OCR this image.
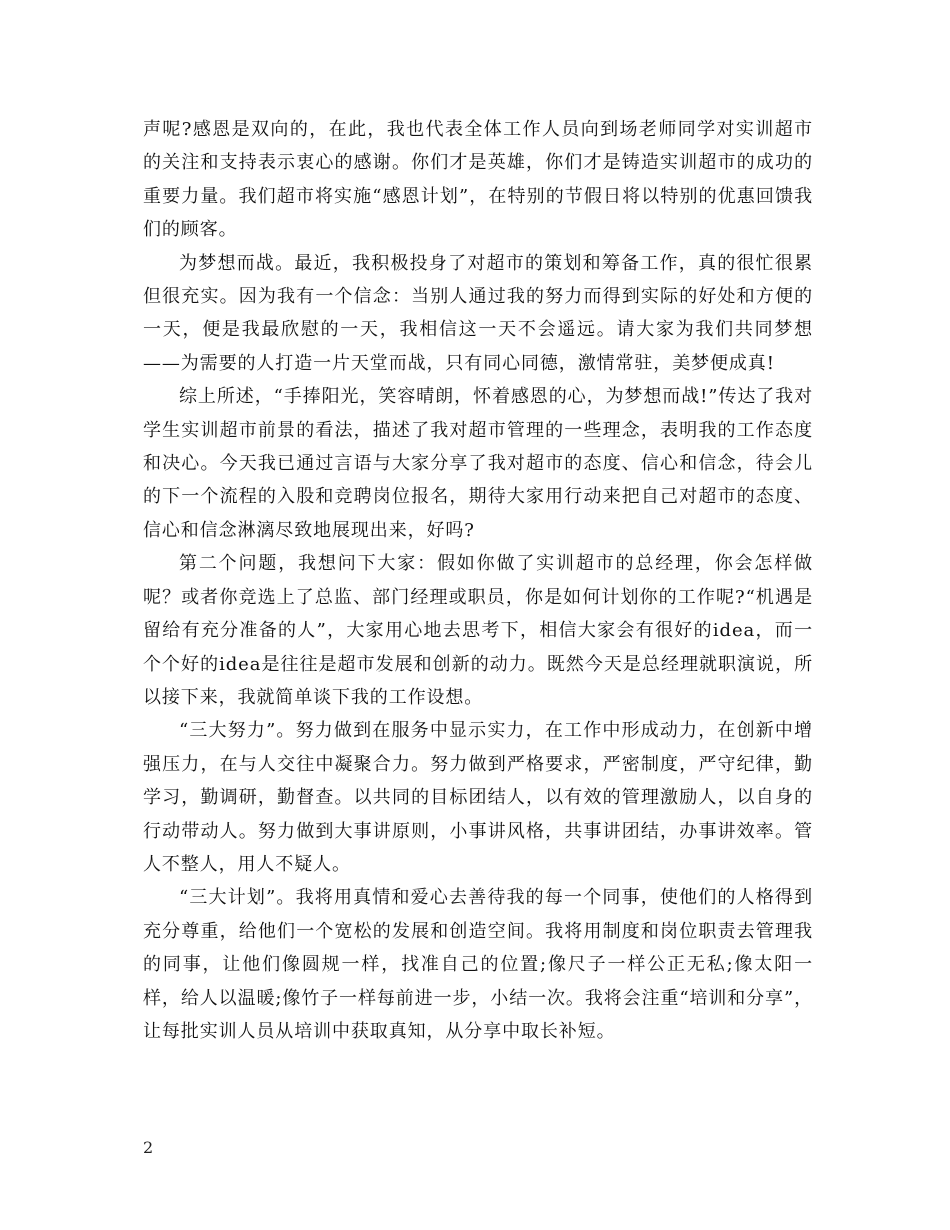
声呢?感恩是双向的，在此，我也代表全体工作人员向到场老师同学对实训超市的关注和支持表示衷心的感谢。你们才是英雄，你们才是铸造实训超市的成功的重要力量。我们超市将实施“感恩计划”，在特别的节假日将以特别的优惠回馈我们的顾客。

为梦想而战。最近，我积极投身了对超市的策划和筹备工作，真的很忙很累但很充实。因为我有一个信念：当别人通过我的努力而得到实际的好处和方便的一天，便是我最欣慰的一天，我相信这一天不会遥远。请大家为我们共同梦想——为需要的人打造一片天堂而战，只有同心同德，激情常驻，美梦便成真!

综上所述，“手捧阳光，笑容晴朗，怀着感恩的心，为梦想而战!”传达了我对学生实训超市前景的看法，描述了我对超市管理的一些理念，表明我的工作态度和决心。今天我已通过言语与大家分享了我对超市的态度、信心和信念，待会儿的下一个流程的入股和竞聘岗位报名，期待大家用行动来把自己对超市的态度、信心和信念淋漓尽致地展现出来，好吗?

第二个问题，我想问下大家：假如你做了实训超市的总经理，你会怎样做呢？或者你竞选上了总监、部门经理或职员，你是如何计划你的工作呢?“机遇是留给有充分准备的人”，大家用心地去思考下，相信大家会有很好的idea，而一个个好的idea是往往是超市发展和创新的动力。既然今天是总经理就职演说，所以接下来，我就简单谈下我的工作设想。

“三大努力”。努力做到在服务中显示实力，在工作中形成动力，在创新中增强压力，在与人交往中凝聚合力。努力做到严格要求，严密制度，严守纪律，勤学习，勤调研，勤督查。以共同的目标团结人，以有效的管理激励人，以自身的行动带动人。努力做到大事讲原则，小事讲风格，共事讲团结，办事讲效率。管人不整人，用人不疑人。

“三大计划”。我将用真情和爱心去善待我的每一个同事，使他们的人格得到充分尊重，给他们一个宽松的发展和创造空间。我将用制度和岗位职责去管理我的同事，让他们像圆规一样，找准自己的位置;像尺子一样公正无私;像太阳一样，给人以温暖;像竹子一样每前进一步，小结一次。我将会注重“培训和分享”，让每批实训人员从培训中获取真知，从分享中取长补短。

2
